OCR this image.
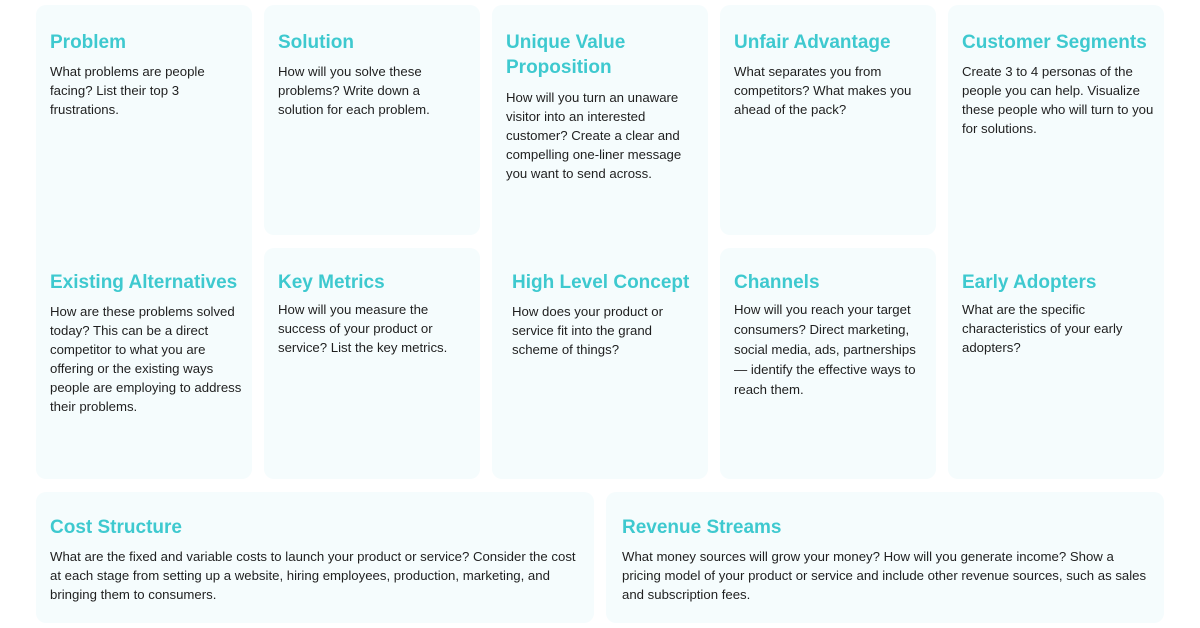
Problem

What problems are people facing? List their top 3 frustrations.

Solution

How will you solve these problems? Write down a solution for each problem.

Unique Value Proposition

How will you turn an unaware visitor into an interested customer? Create a clear and compelling one-liner message you want to send across.

Unfair Advantage

What separates you from competitors? What makes you ahead of the pack?

Customer Segments

Create 3 to 4 personas of the people you can help. Visualize these people who will turn to you for solutions.

Existing Alternatives

How are these problems solved today? This can be a direct competitor to what you are offering or the existing ways people are employing to address their problems.

Key Metrics

How will you measure the success of your product or service? List the key metrics.

High Level Concept

How does your product or service fit into the grand scheme of things?

Channels

How will you reach your target consumers? Direct marketing, social media, ads, partnerships — identify the effective ways to reach them.

Early Adopters

What are the specific characteristics of your early adopters?

Cost Structure

What are the fixed and variable costs to launch your product or service? Consider the cost at each stage from setting up a website, hiring employees, production, marketing, and bringing them to consumers.

Revenue Streams

What money sources will grow your money? How will you generate income? Show a pricing model of your product or service and include other revenue sources, such as sales and subscription fees.
